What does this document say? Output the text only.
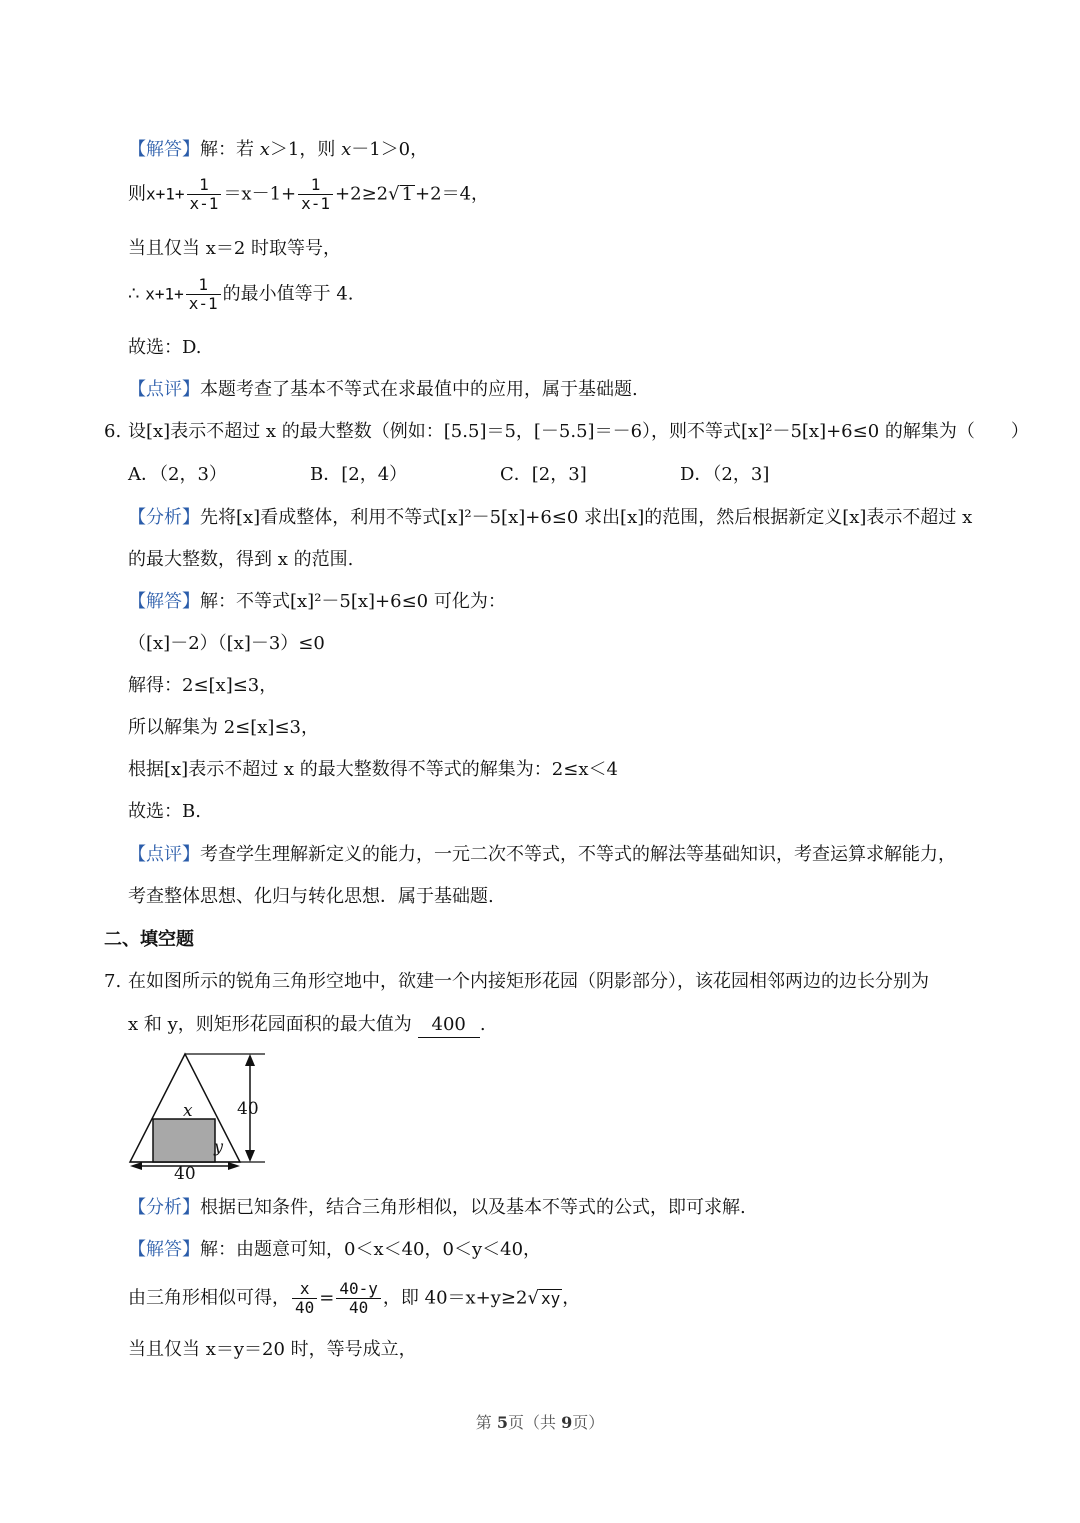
【解答】解：若 x＞1，则 x－1＞0，
则$x+1+ \frac{1}{x-1} =x-1+ \frac{1}{x-1} +2\ge 2√$ 1 +2＝4，
当且仅当 x＝2 时取等号，
∴ $x+1+ \frac{1}{x-1}$ 的最小值等于 4.
故选：D.
【点评】本题考查了基本不等式在求最值中的应用，属于基础题.
6. 设[x]表示不超过 x 的最大整数（例如：[5.5]＝5，[－5.5]＝－6），则不等式[x]²－5[x]+6≤0 的解集为（　　）
A．（2，3）	B．[2，4）	C．[2，3]	D．（2，3]
【分析】先将[x]看成整体，利用不等式[x]²－5[x]+6≤0 求出[x]的范围，然后根据新定义[x]表示不超过 x
的最大整数，得到 x 的范围.
【解答】解：不等式[x]²－5[x]+6≤0 可化为：
（[x]－2）（[x]－3）≤0
解得：2≤[x]≤3，
所以解集为 2≤[x]≤3，
根据[x]表示不超过 x 的最大整数得不等式的解集为：2≤x＜4
故选：B.
【点评】考查学生理解新定义的能力，一元二次不等式，不等式的解法等基础知识，考查运算求解能力，
考查整体思想、化归与转化思想．属于基础题.
二、填空题
7. 在如图所示的锐角三角形空地中，欲建一个内接矩形花园（阴影部分），该花园相邻两边的边长分别为
x 和 y，则矩形花园面积的最大值为 400 .
x
y
40
40
【分析】根据已知条件，结合三角形相似，以及基本不等式的公式，即可求解.
【解答】解：由题意可知，0＜x＜40，0＜y＜40，
由三角形相似可得， $\frac{x}{40} = \frac{40-y}{40}$ ，即 40＝x+y≥2√ xy ，
当且仅当 x＝y＝20 时，等号成立，
第 5页（共 9页）
